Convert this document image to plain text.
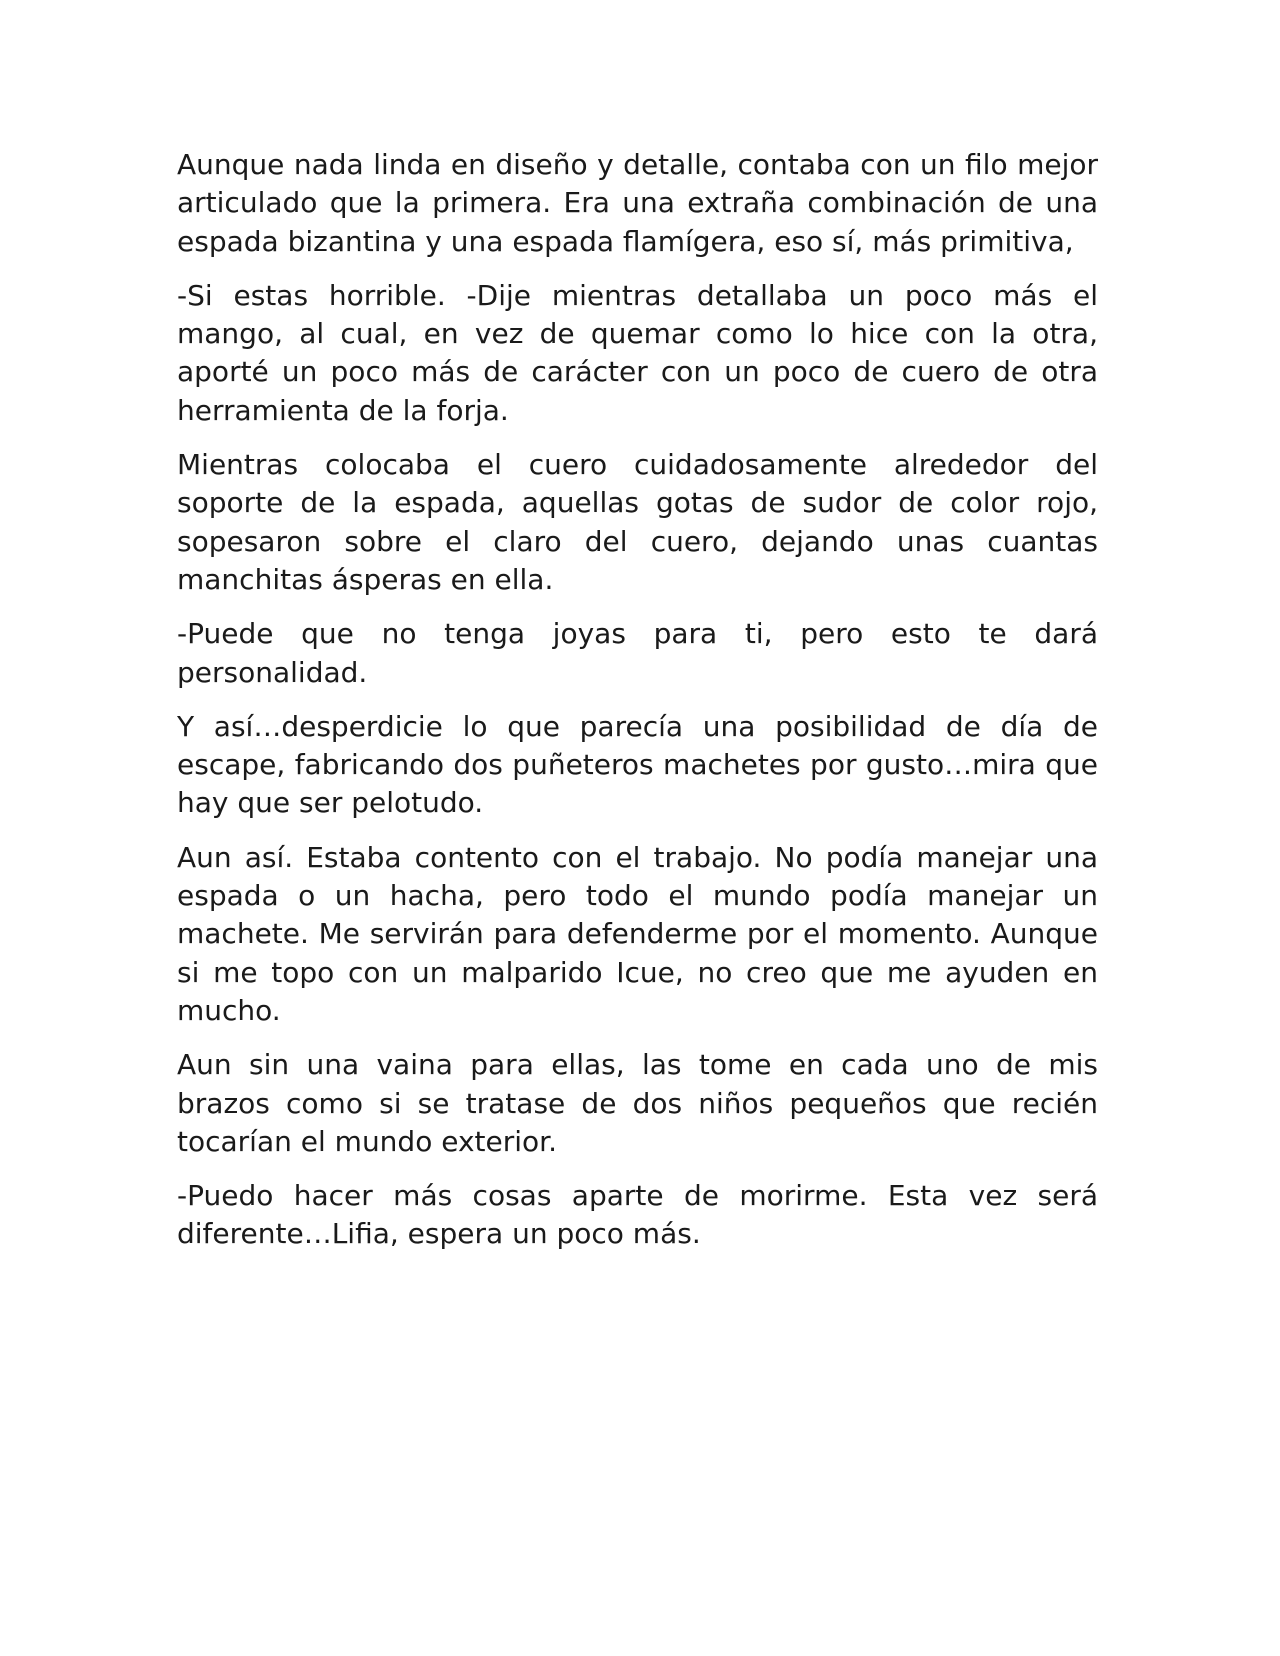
Aunque nada linda en diseño y detalle, contaba con un filo mejor articulado que la primera. Era una extraña combinación de una espada bizantina y una espada flamígera, eso sí, más primitiva,

-Si estas horrible. -Dije mientras detallaba un poco más el mango, al cual, en vez de quemar como lo hice con la otra, aporté un poco más de carácter con un poco de cuero de otra herramienta de la forja.

Mientras colocaba el cuero cuidadosamente alrededor del soporte de la espada, aquellas gotas de sudor de color rojo, sopesaron sobre el claro del cuero, dejando unas cuantas manchitas ásperas en ella.

-Puede que no tenga joyas para ti, pero esto te dará personalidad.

Y así…desperdicie lo que parecía una posibilidad de día de escape, fabricando dos puñeteros machetes por gusto…mira que hay que ser pelotudo.

Aun así. Estaba contento con el trabajo. No podía manejar una espada o un hacha, pero todo el mundo podía manejar un machete. Me servirán para defenderme por el momento. Aunque si me topo con un malparido Icue, no creo que me ayuden en mucho.

Aun sin una vaina para ellas, las tome en cada uno de mis brazos como si se tratase de dos niños pequeños que recién tocarían el mundo exterior.

-Puedo hacer más cosas aparte de morirme. Esta vez será diferente…Lifia, espera un poco más.
